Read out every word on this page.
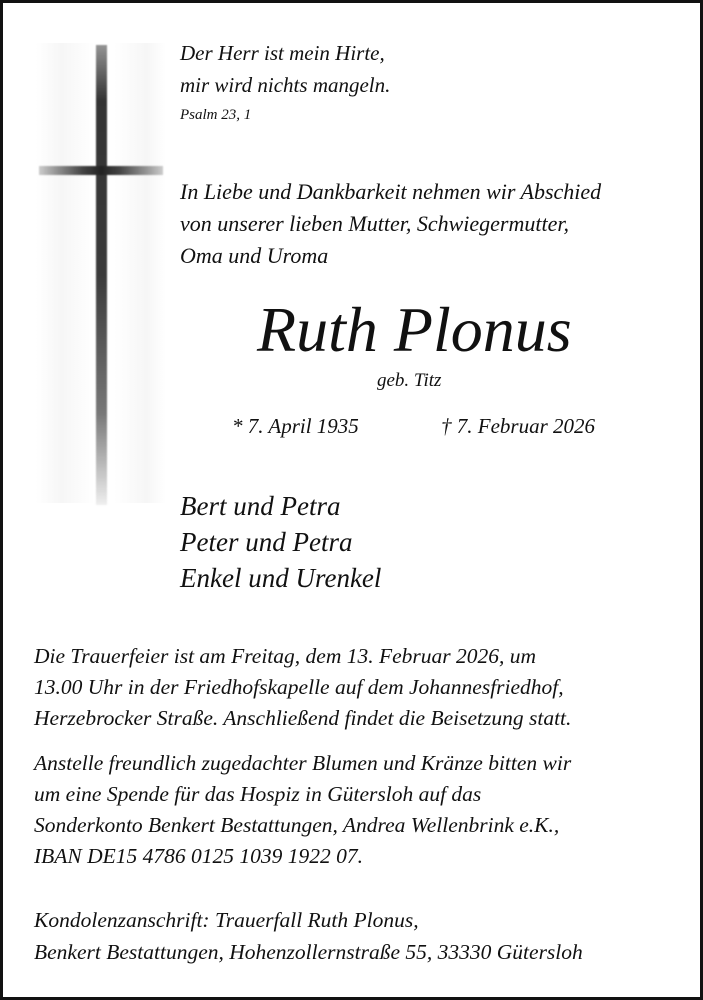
Der Herr ist mein Hirte,
mir wird nichts mangeln.
Psalm 23, 1
In Liebe und Dankbarkeit nehmen wir Abschied
von unserer lieben Mutter, Schwiegermutter,
Oma und Uroma
Ruth Plonus
geb. Titz
* 7. April 1935	† 7. Februar 2026
Bert und Petra
Peter und Petra
Enkel und Urenkel
Die Trauerfeier ist am Freitag, dem 13. Februar 2026, um
13.00 Uhr in der Friedhofskapelle auf dem Johannesfriedhof,
Herzebrocker Straße. Anschließend findet die Beisetzung statt.
Anstelle freundlich zugedachter Blumen und Kränze bitten wir
um eine Spende für das Hospiz in Gütersloh auf das
Sonderkonto Benkert Bestattungen, Andrea Wellenbrink e.K.,
IBAN DE15 4786 0125 1039 1922 07.
Kondolenzanschrift: Trauerfall Ruth Plonus,
Benkert Bestattungen, Hohenzollernstraße 55, 33330 Gütersloh
